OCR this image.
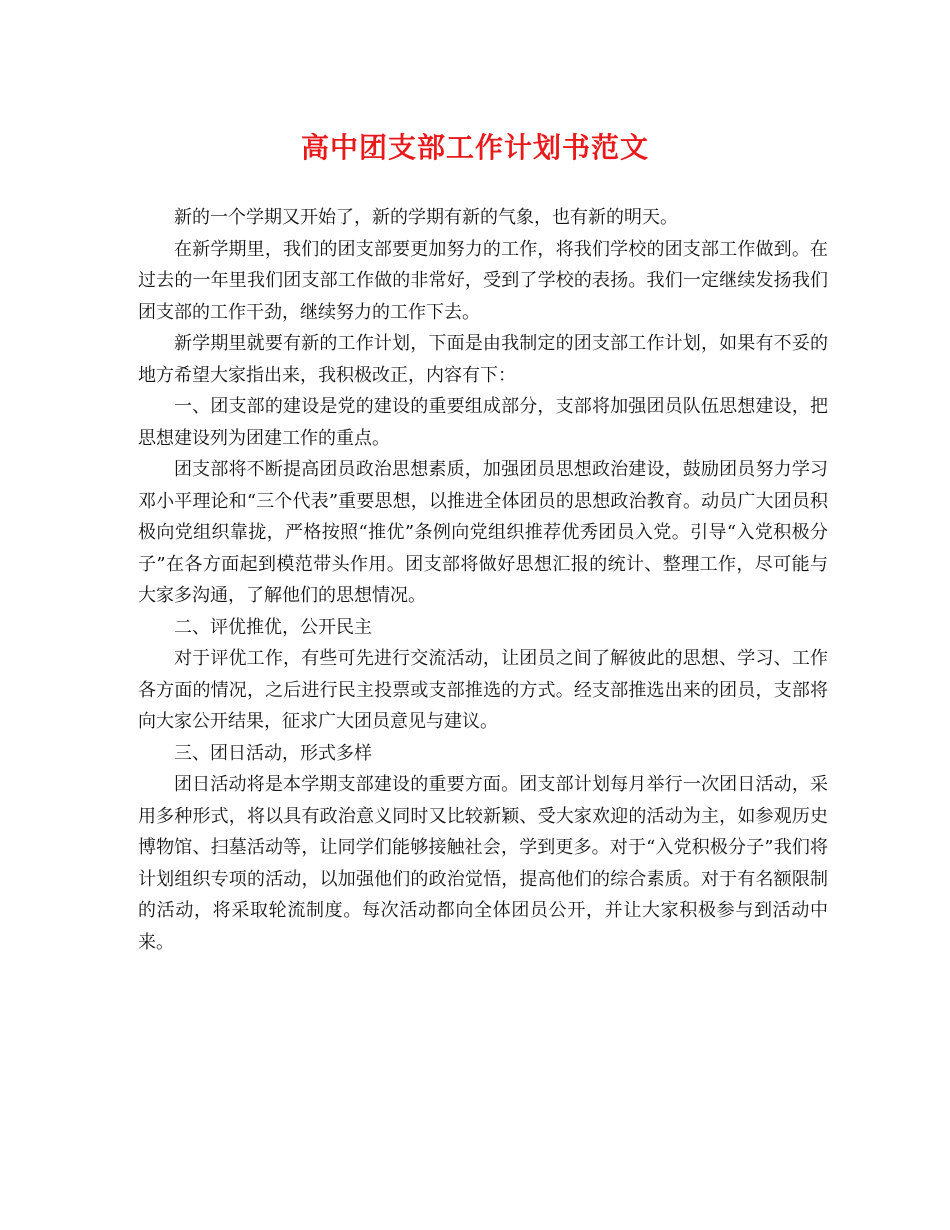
高中团支部工作计划书范文

新的一个学期又开始了，新的学期有新的气象，也有新的明天。

在新学期里，我们的团支部要更加努力的工作，将我们学校的团支部工作做到。在过去的一年里我们团支部工作做的非常好，受到了学校的表扬。我们一定继续发扬我们团支部的工作干劲，继续努力的工作下去。

新学期里就要有新的工作计划，下面是由我制定的团支部工作计划，如果有不妥的地方希望大家指出来，我积极改正，内容有下：

一、团支部的建设是党的建设的重要组成部分，支部将加强团员队伍思想建设，把思想建设列为团建工作的重点。

团支部将不断提高团员政治思想素质，加强团员思想政治建设，鼓励团员努力学习邓小平理论和“三个代表”重要思想，以推进全体团员的思想政治教育。动员广大团员积极向党组织靠拢，严格按照“推优”条例向党组织推荐优秀团员入党。引导“入党积极分子”在各方面起到模范带头作用。团支部将做好思想汇报的统计、整理工作，尽可能与大家多沟通，了解他们的思想情况。

二、评优推优，公开民主

对于评优工作，有些可先进行交流活动，让团员之间了解彼此的思想、学习、工作各方面的情况，之后进行民主投票或支部推选的方式。经支部推选出来的团员，支部将向大家公开结果，征求广大团员意见与建议。

三、团日活动，形式多样

团日活动将是本学期支部建设的重要方面。团支部计划每月举行一次团日活动，采用多种形式，将以具有政治意义同时又比较新颖、受大家欢迎的活动为主，如参观历史博物馆、扫墓活动等，让同学们能够接触社会，学到更多。对于“入党积极分子”我们将计划组织专项的活动，以加强他们的政治觉悟，提高他们的综合素质。对于有名额限制的活动，将采取轮流制度。每次活动都向全体团员公开，并让大家积极参与到活动中来。
